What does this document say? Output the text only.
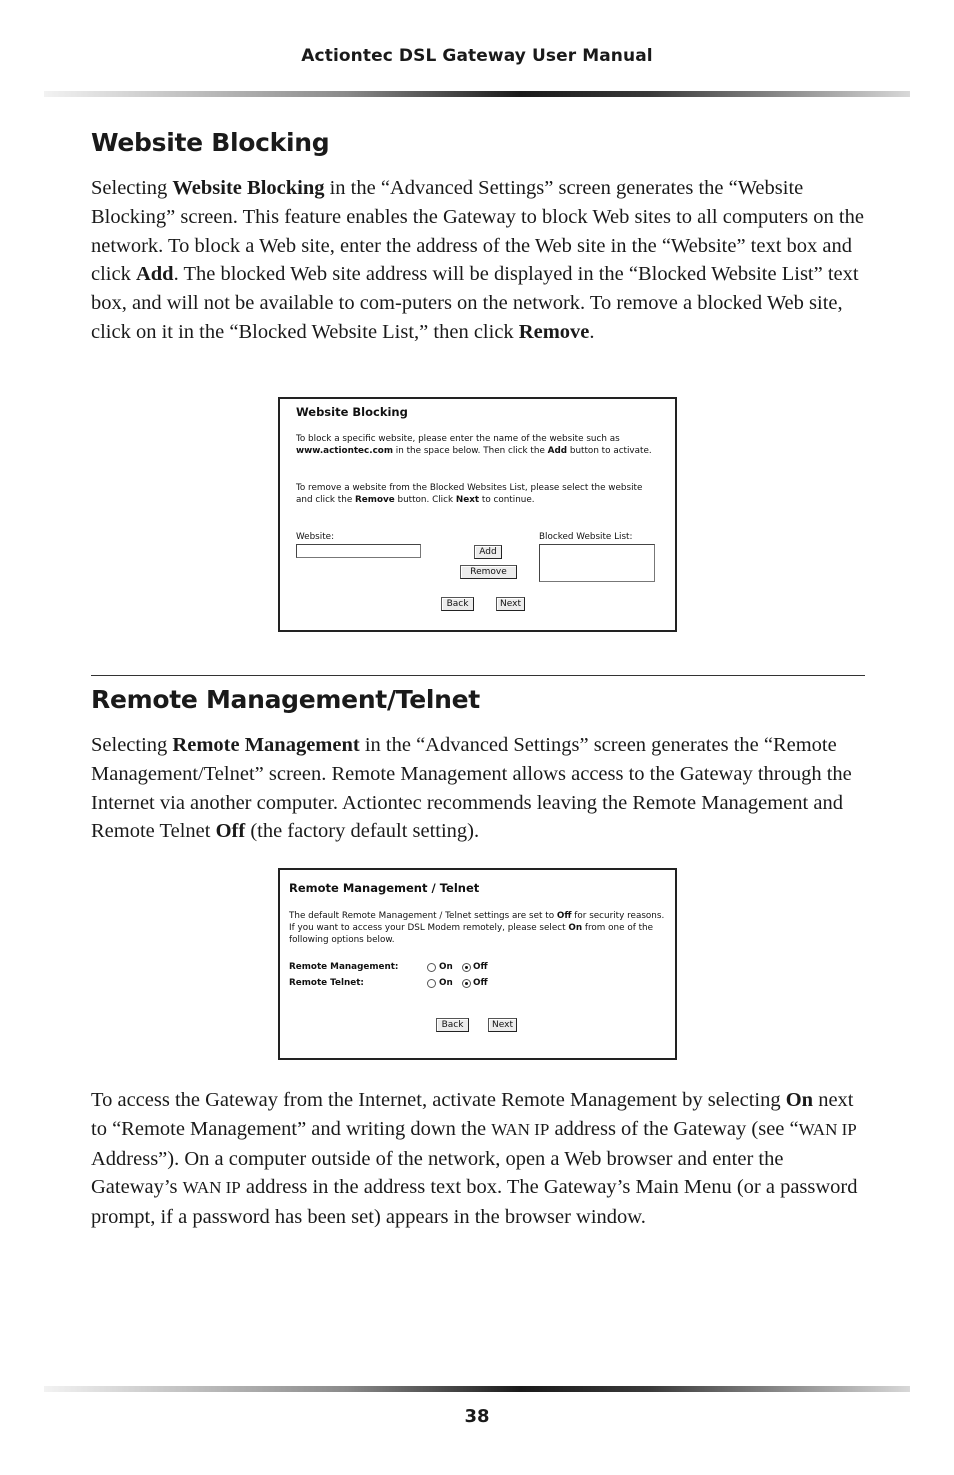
Actiontec DSL Gateway User Manual
Website Blocking

Selecting Website Blocking in the “Advanced Settings” screen generates the “Website Blocking” screen. This feature enables the Gateway to block Web sites to all computers on the network. To block a Web site, enter the address of the Web site in the “Website” text box and click Add. The blocked Web site address will be displayed in the “Blocked Website List” text box, and will not be available to com-puters on the network. To remove a blocked Web site, click on it in the “Blocked Website List,” then click Remove.

Website Blocking
To block a specific website, please enter the name of the website such as www.actiontec.com in the space below. Then click the Add button to activate.
To remove a website from the Blocked Websites List, please select the website and click the Remove button. Click Next to continue.
Website:	Blocked Website List:
Add
Remove
Back	Next
Remote Management/Telnet

Selecting Remote Management in the “Advanced Settings” screen generates the “Remote Management/Telnet” screen. Remote Management allows access to the Gateway through the Internet via another computer. Actiontec recommends leaving the Remote Management and Remote Telnet Off (the factory default setting).

Remote Management / Telnet
The default Remote Management / Telnet settings are set to Off for security reasons. If you want to access your DSL Modem remotely, please select On from one of the following options below.
Remote Management:	On Off
Remote Telnet:	On Off
Back	Next

To access the Gateway from the Internet, activate Remote Management by selecting On next to “Remote Management” and writing down the WAN IP address of the Gateway (see “WAN IP Address”). On a computer outside of the network, open a Web browser and enter the Gateway’s WAN IP address in the address text box. The Gateway’s Main Menu (or a password prompt, if a password has been set) appears in the browser window.

38
